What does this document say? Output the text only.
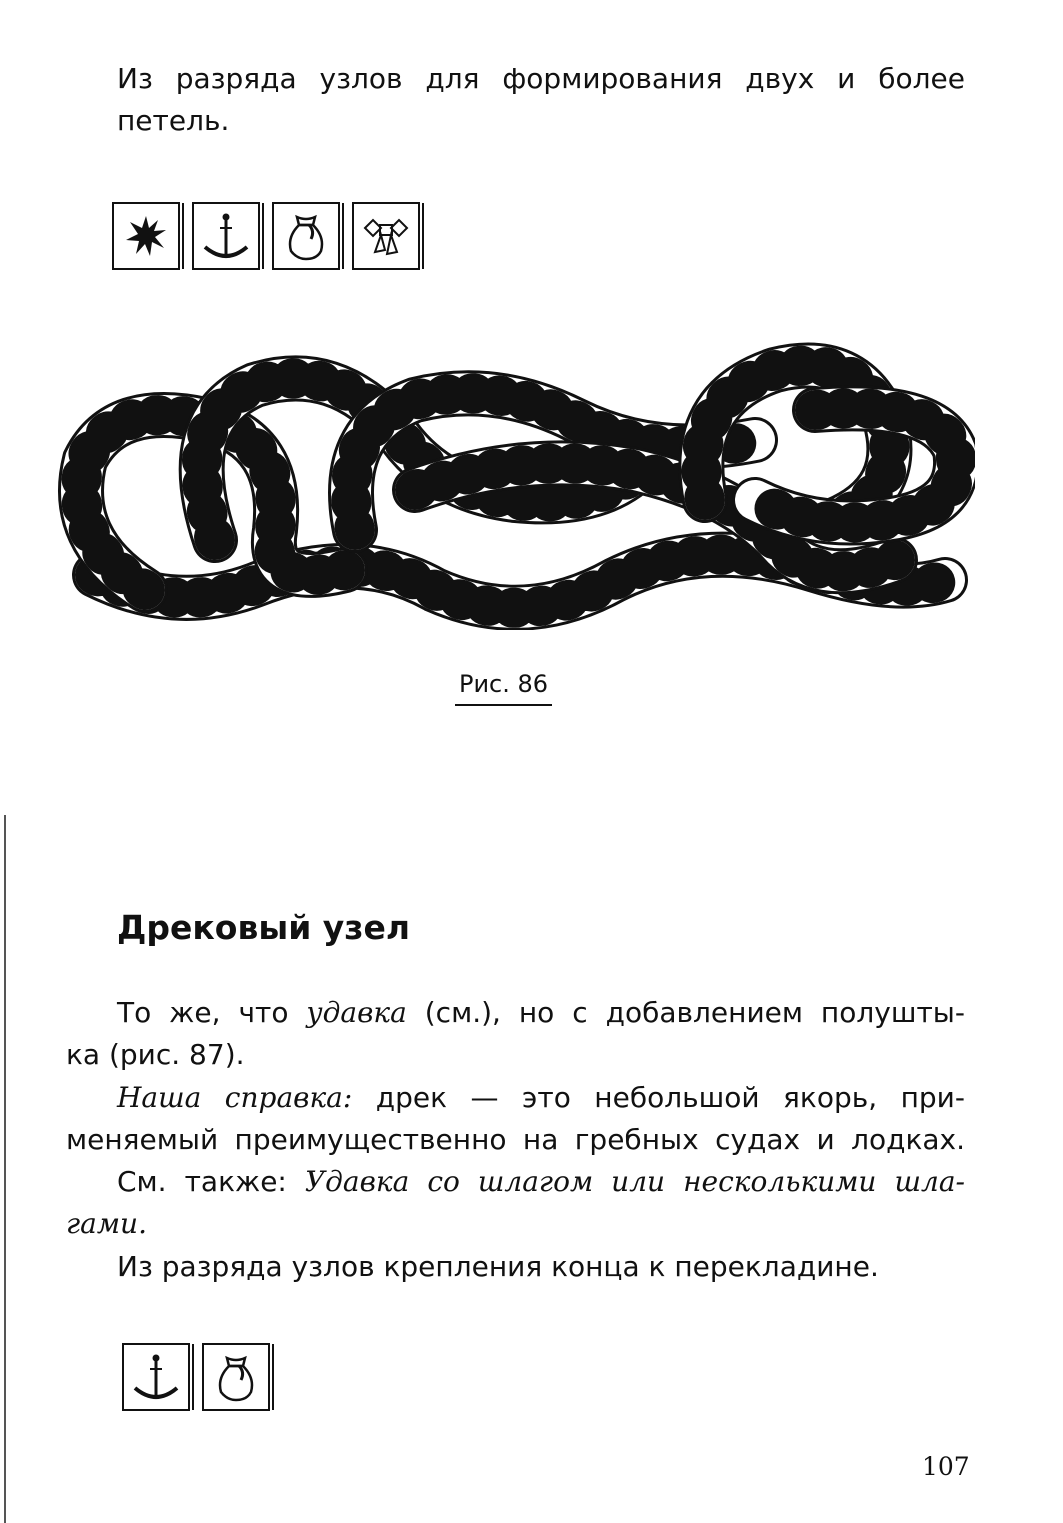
Из разряда узлов для формирования двух и более
петель.
Рис. 86
Дрековый узел
То же, что удавка (см.), но с добавлением полушты-
ка (рис. 87).
Наша справка: дрек — это небольшой якорь, при-
меняемый преимущественно на гребных судах и лодках.
См. также: Удавка со шлагом или несколькими шла-
гами.
Из разряда узлов крепления конца к перекладине.
107
